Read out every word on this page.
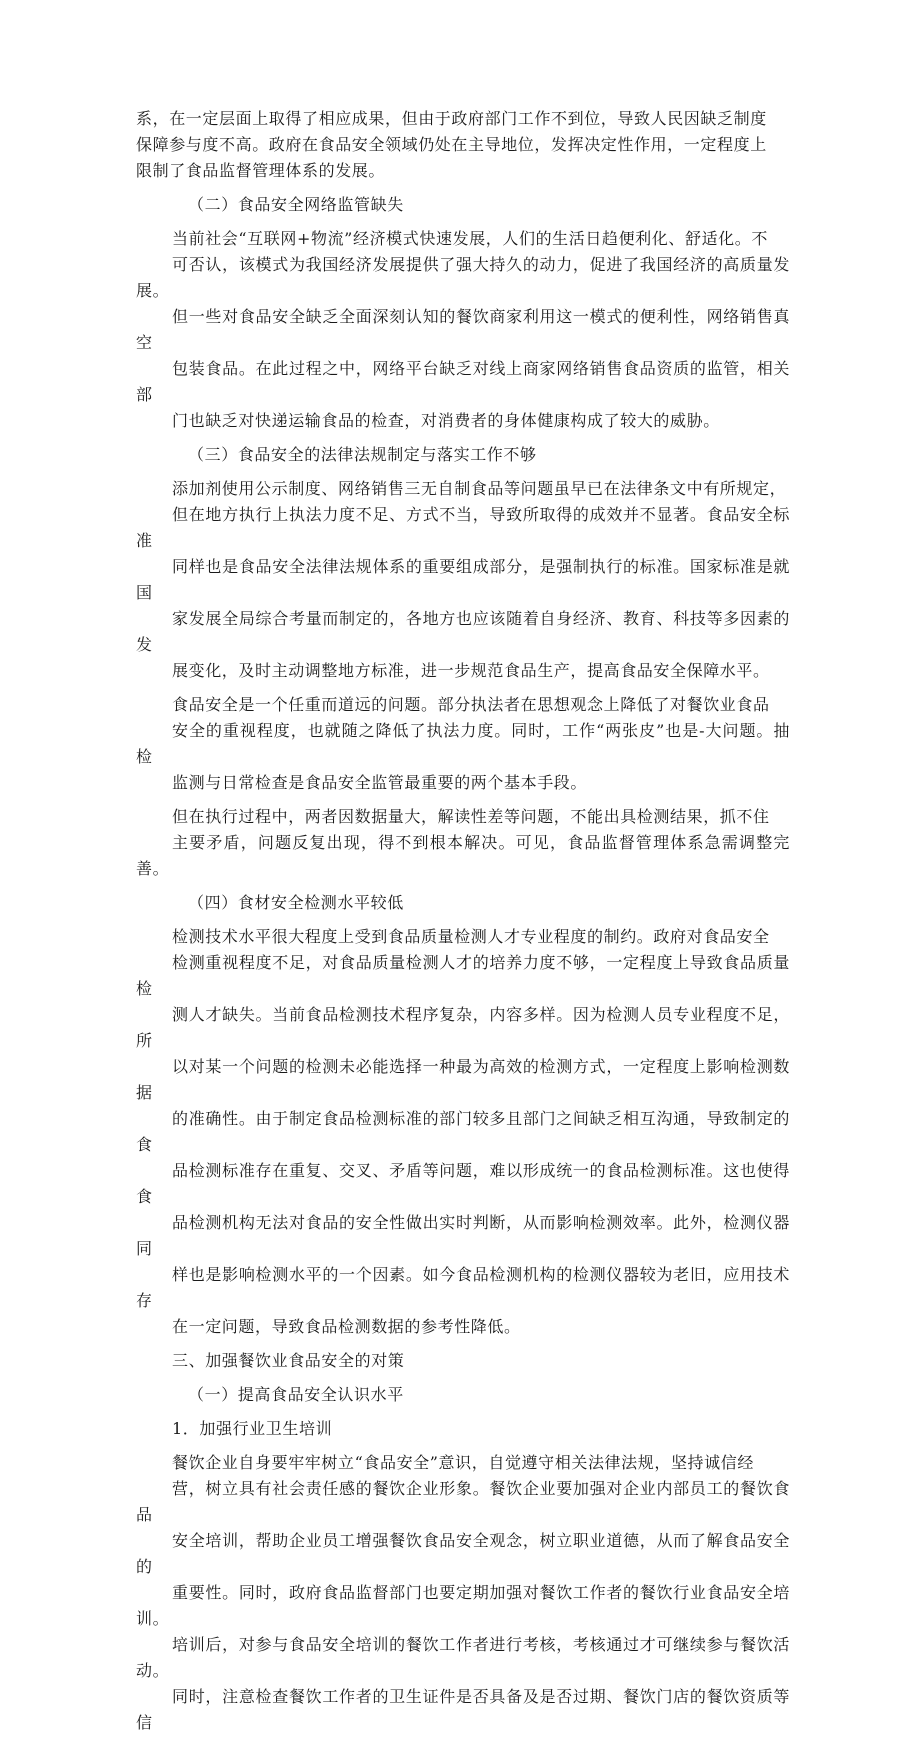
系，在一定层面上取得了相应成果，但由于政府部门工作不到位，导致人民因缺乏制度
保障参与度不高。政府在食品安全领域仍处在主导地位，发挥决定性作用，一定程度上
限制了食品监督管理体系的发展。

（二）食品安全网络监管缺失

当前社会“互联网+物流”经济模式快速发展，人们的生活日趋便利化、舒适化。不
可否认，该模式为我国经济发展提供了强大持久的动力，促进了我国经济的高质量发展。
但一些对食品安全缺乏全面深刻认知的餐饮商家利用这一模式的便利性，网络销售真空
包装食品。在此过程之中，网络平台缺乏对线上商家网络销售食品资质的监管，相关部
门也缺乏对快递运输食品的检查，对消费者的身体健康构成了较大的威胁。

（三）食品安全的法律法规制定与落实工作不够

添加剂使用公示制度、网络销售三无自制食品等问题虽早已在法律条文中有所规定，
但在地方执行上执法力度不足、方式不当，导致所取得的成效并不显著。食品安全标准
同样也是食品安全法律法规体系的重要组成部分，是强制执行的标准。国家标准是就国
家发展全局综合考量而制定的，各地方也应该随着自身经济、教育、科技等多因素的发
展变化，及时主动调整地方标准，进一步规范食品生产，提高食品安全保障水平。

食品安全是一个任重而道远的问题。部分执法者在思想观念上降低了对餐饮业食品
安全的重视程度，也就随之降低了执法力度。同时，工作“两张皮”也是-大问题。抽检
监测与日常检查是食品安全监管最重要的两个基本手段。

但在执行过程中，两者因数据量大，解读性差等问题，不能出具检测结果，抓不住
主要矛盾，问题反复出现，得不到根本解决。可见，食品监督管理体系急需调整完善。

（四）食材安全检测水平较低

检测技术水平很大程度上受到食品质量检测人才专业程度的制约。政府对食品安全
检测重视程度不足，对食品质量检测人才的培养力度不够，一定程度上导致食品质量检
测人才缺失。当前食品检测技术程序复杂，内容多样。因为检测人员专业程度不足，所
以对某一个问题的检测未必能选择一种最为高效的检测方式，一定程度上影响检测数据
的准确性。由于制定食品检测标准的部门较多且部门之间缺乏相互沟通，导致制定的食
品检测标准存在重复、交叉、矛盾等问题，难以形成统一的食品检测标准。这也使得食
品检测机构无法对食品的安全性做出实时判断，从而影响检测效率。此外，检测仪器同
样也是影响检测水平的一个因素。如今食品检测机构的检测仪器较为老旧，应用技术存
在一定问题，导致食品检测数据的参考性降低。

三、加强餐饮业食品安全的对策

（一）提高食品安全认识水平

1．加强行业卫生培训

餐饮企业自身要牢牢树立“食品安全”意识，自觉遵守相关法律法规，坚持诚信经
营，树立具有社会责任感的餐饮企业形象。餐饮企业要加强对企业内部员工的餐饮食品
安全培训，帮助企业员工增强餐饮食品安全观念，树立职业道德，从而了解食品安全的
重要性。同时，政府食品监督部门也要定期加强对餐饮工作者的餐饮行业食品安全培训。
培训后，对参与食品安全培训的餐饮工作者进行考核，考核通过才可继续参与餐饮活动。
同时，注意检查餐饮工作者的卫生证件是否具备及是否过期、餐饮门店的餐饮资质等信
